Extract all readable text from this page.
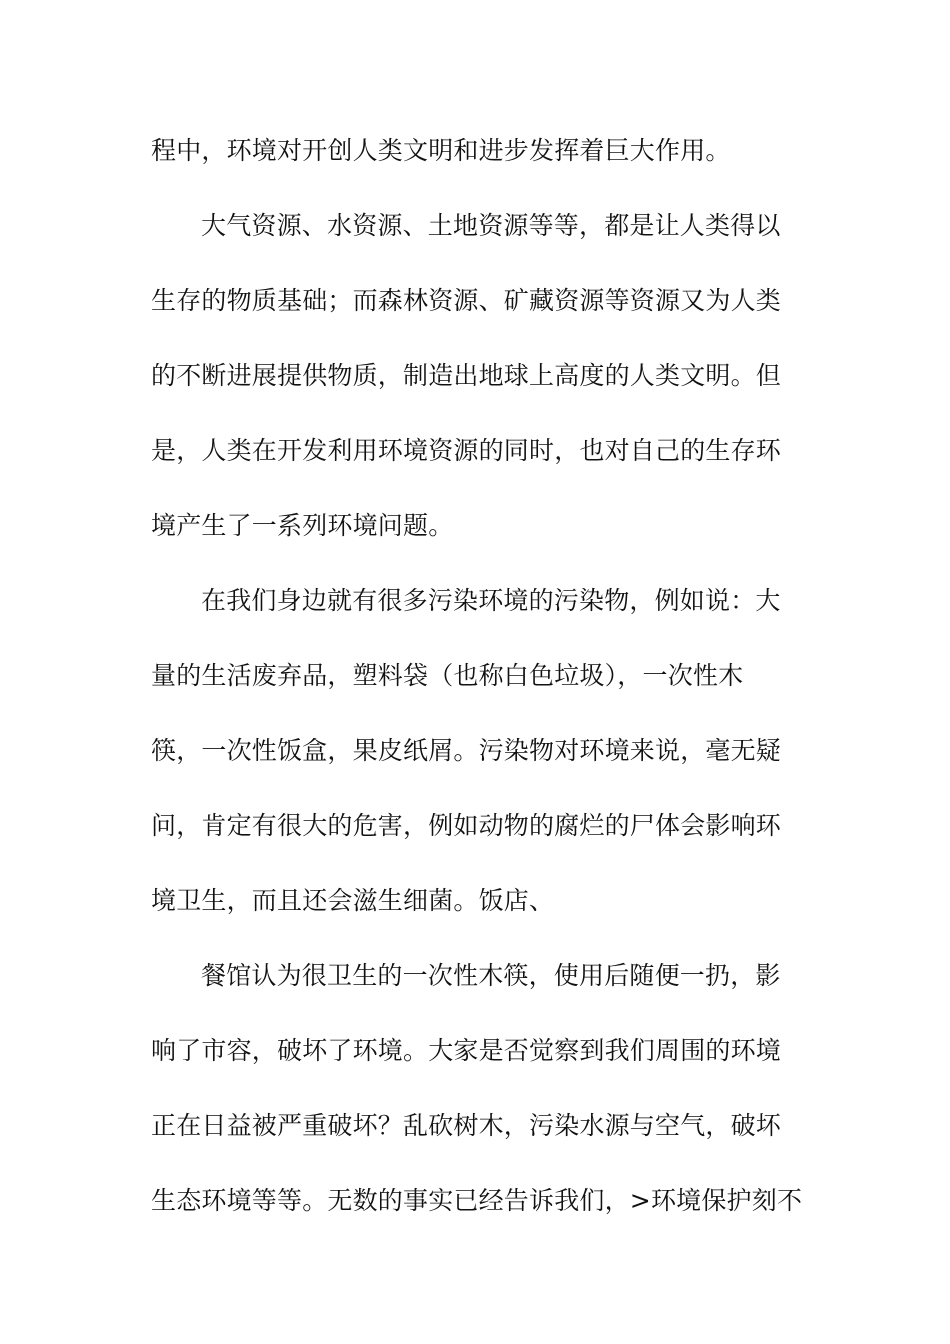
程中，环境对开创人类文明和进步发挥着巨大作用。
大气资源、水资源、土地资源等等，都是让人类得以
生存的物质基础；而森林资源、矿藏资源等资源又为人类
的不断进展提供物质，制造出地球上高度的人类文明。但
是，人类在开发利用环境资源的同时，也对自己的生存环
境产生了一系列环境问题。
在我们身边就有很多污染环境的污染物，例如说：大
量的生活废弃品，塑料袋（也称白色垃圾），一次性木
筷，一次性饭盒，果皮纸屑。污染物对环境来说，毫无疑
问，肯定有很大的危害，例如动物的腐烂的尸体会影响环
境卫生，而且还会滋生细菌。饭店、
餐馆认为很卫生的一次性木筷，使用后随便一扔，影
响了市容，破坏了环境。大家是否觉察到我们周围的环境
正在日益被严重破坏？乱砍树木，污染水源与空气，破坏
生态环境等等。无数的事实已经告诉我们，>环境保护刻不
